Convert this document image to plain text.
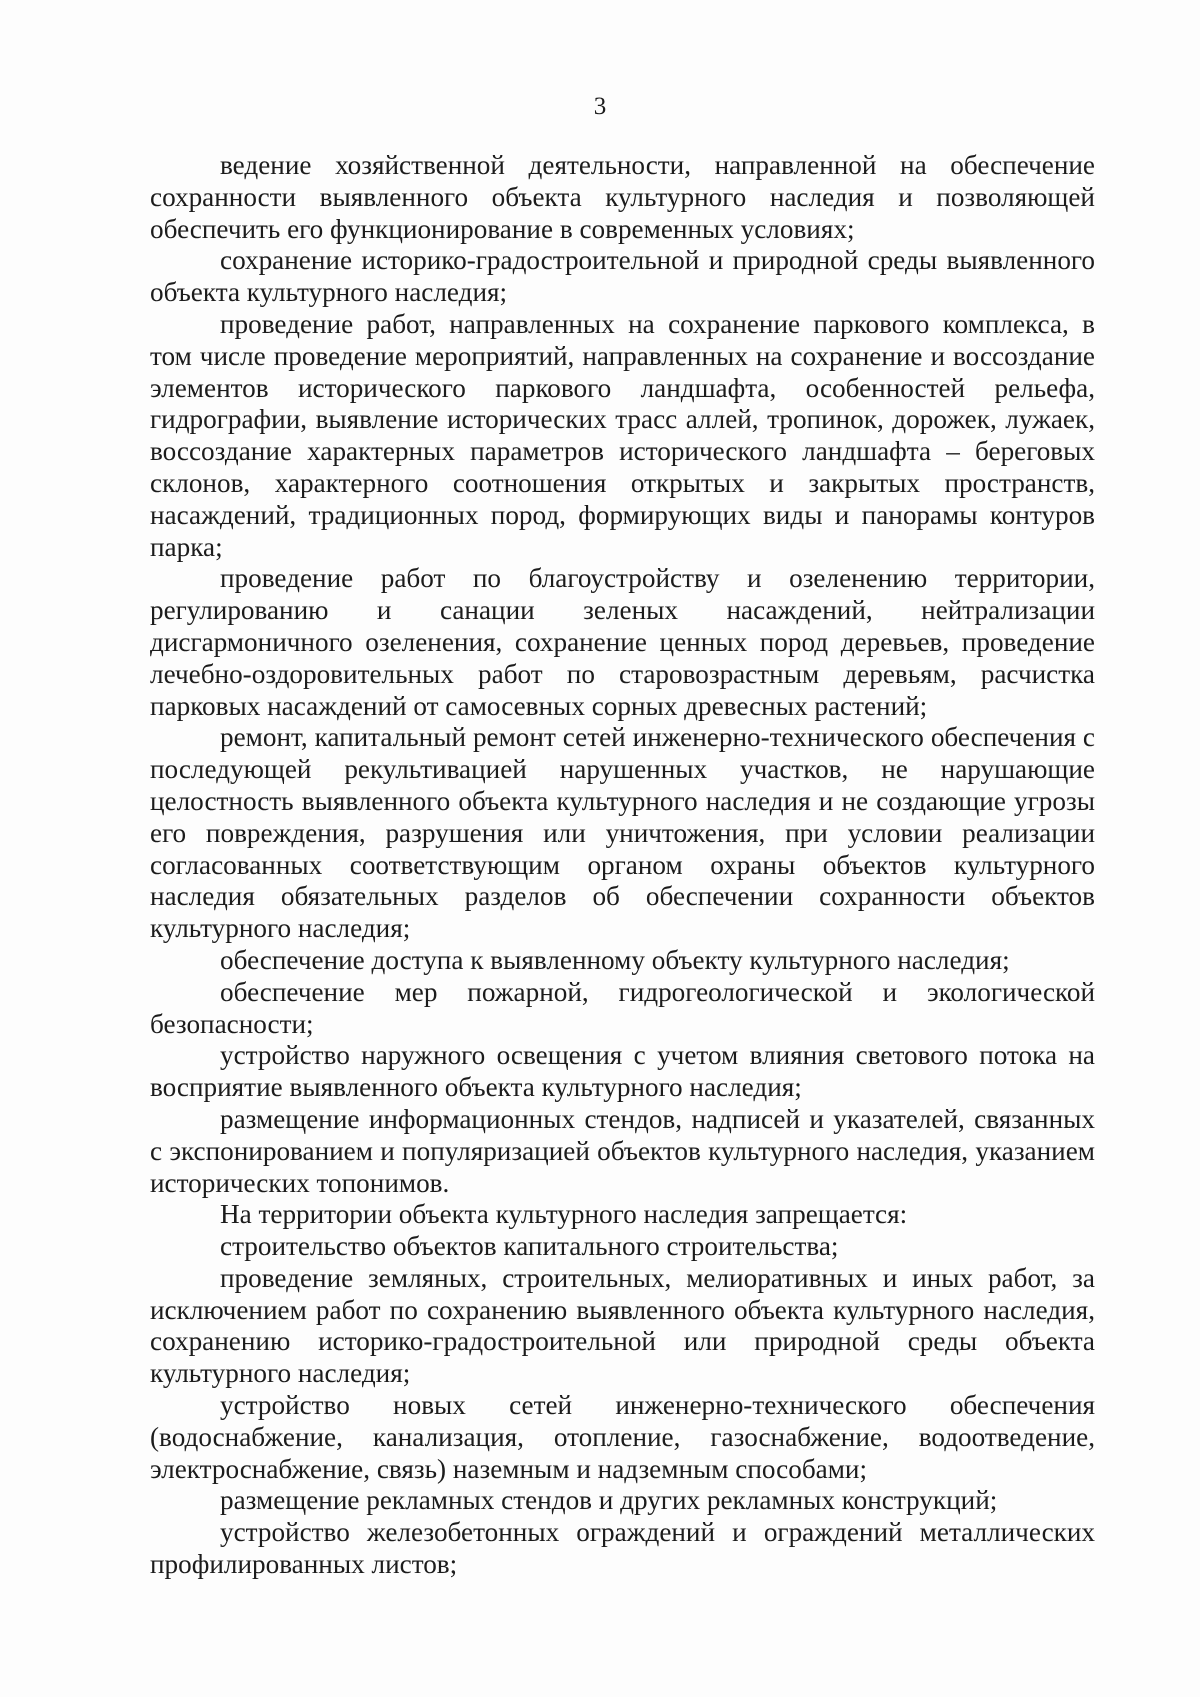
3

ведение хозяйственной деятельности, направленной на обеспечение сохранности выявленного объекта культурного наследия и позволяющей обеспечить его функционирование в современных условиях;

сохранение историко-градостроительной и природной среды выявленного объекта культурного наследия;

проведение работ, направленных на сохранение паркового комплекса, в том числе проведение мероприятий, направленных на сохранение и воссоздание элементов исторического паркового ландшафта, особенностей рельефа, гидрографии, выявление исторических трасс аллей, тропинок, дорожек, лужаек, воссоздание характерных параметров исторического ландшафта – береговых склонов, характерного соотношения открытых и закрытых пространств, насаждений, традиционных пород, формирующих виды и панорамы контуров парка;

проведение работ по благоустройству и озеленению территории, регулированию и санации зеленых насаждений, нейтрализации дисгармоничного озеленения, сохранение ценных пород деревьев, проведение лечебно-оздоровительных работ по старовозрастным деревьям, расчистка парковых насаждений от самосевных сорных древесных растений;

ремонт, капитальный ремонт сетей инженерно-технического обеспечения с последующей рекультивацией нарушенных участков, не нарушающие целостность выявленного объекта культурного наследия и не создающие угрозы его повреждения, разрушения или уничтожения, при условии реализации согласованных соответствующим органом охраны объектов культурного наследия обязательных разделов об обеспечении сохранности объектов культурного наследия;

обеспечение доступа к выявленному объекту культурного наследия;

обеспечение мер пожарной, гидрогеологической и экологической безопасности;

устройство наружного освещения с учетом влияния светового потока на восприятие выявленного объекта культурного наследия;

размещение информационных стендов, надписей и указателей, связанных с экспонированием и популяризацией объектов культурного наследия, указанием исторических топонимов.

На территории объекта культурного наследия запрещается:

строительство объектов капитального строительства;

проведение земляных, строительных, мелиоративных и иных работ, за исключением работ по сохранению выявленного объекта культурного наследия, сохранению историко-градостроительной или природной среды объекта культурного наследия;

устройство новых сетей инженерно-технического обеспечения (водоснабжение, канализация, отопление, газоснабжение, водоотведение, электроснабжение, связь) наземным и надземным способами;

размещение рекламных стендов и других рекламных конструкций;

устройство железобетонных ограждений и ограждений металлических профилированных листов;
